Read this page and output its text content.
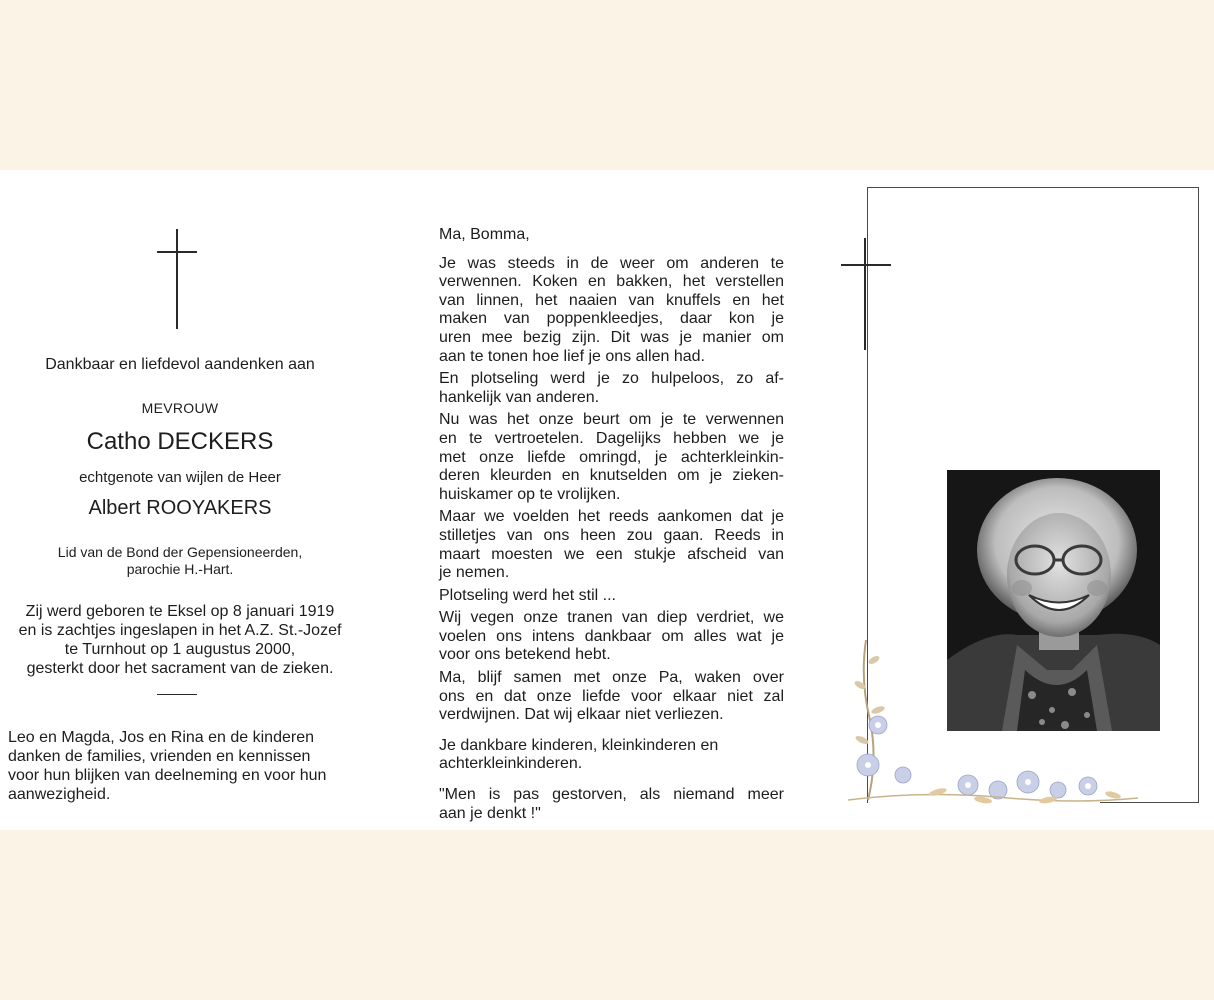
Dankbaar en liefdevol aandenken aan
MEVROUW
Catho DECKERS
echtgenote van wijlen de Heer
Albert ROOYAKERS
Lid van de Bond der Gepensioneerden,
parochie H.-Hart.
Zij werd geboren te Eksel op 8 januari 1919
en is zachtjes ingeslapen in het A.Z. St.-Jozef
te Turnhout op 1 augustus 2000,
gesterkt door het sacrament van de zieken.
Leo en Magda, Jos en Rina en de kinderen
danken de families, vrienden en kennissen
voor hun blijken van deelneming en voor hun
aanwezigheid.
Ma, Bomma,
Je was steeds in de weer om anderen te
verwennen. Koken en bakken, het verstellen
van linnen, het naaien van knuffels en het
maken van poppenkleedjes, daar kon je
uren mee bezig zijn. Dit was je manier om
aan te tonen hoe lief je ons allen had.
En plotseling werd je zo hulpeloos, zo af-
hankelijk van anderen.
Nu was het onze beurt om je te verwennen
en te vertroetelen. Dagelijks hebben we je
met onze liefde omringd, je achterkleinkin-
deren kleurden en knutselden om je zieken-
huiskamer op te vrolijken.
Maar we voelden het reeds aankomen dat je
stilletjes van ons heen zou gaan. Reeds in
maart moesten we een stukje afscheid van
je nemen.
Plotseling werd het stil ...
Wij vegen onze tranen van diep verdriet, we
voelen ons intens dankbaar om alles wat je
voor ons betekend hebt.
Ma, blijf samen met onze Pa, waken over
ons en dat onze liefde voor elkaar niet zal
verdwijnen. Dat wij elkaar niet verliezen.
Je dankbare kinderen, kleinkinderen en
achterkleinkinderen.
"Men is pas gestorven, als niemand meer
aan je denkt !"
